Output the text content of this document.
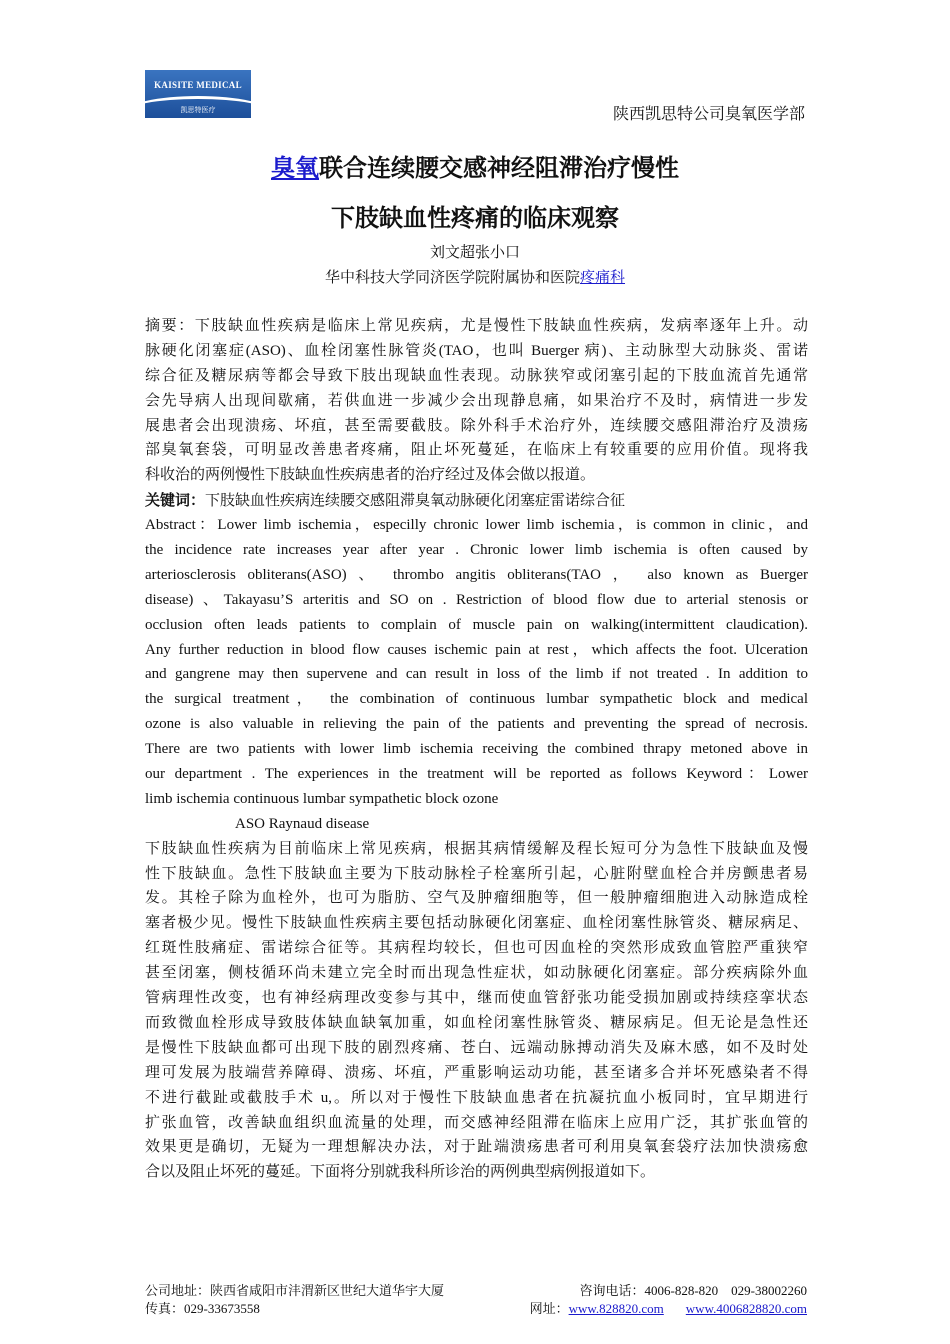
KAISITE MEDICAL
凯思特医疗	陕西凯思特公司臭氧医学部
臭氧联合连续腰交感神经阻滞治疗慢性
下肢缺血性疼痛的临床观察
刘文超张小口
华中科技大学同济医学院附属协和医院疼痛科
摘要：下肢缺血性疾病是临床上常见疾病，尤是慢性下肢缺血性疾病，发病率逐年上升。动
脉硬化闭塞症(ASO)、血栓闭塞性脉管炎(TAO，也叫 Buerger 病)、主动脉型大动脉炎、雷诺
综合征及糖尿病等都会导致下肢出现缺血性表现。动脉狭窄或闭塞引起的下肢血流首先通常
会先导病人出现间歇痛，若供血进一步减少会出现静息痛，如果治疗不及时，病情进一步发
展患者会出现溃疡、坏疽，甚至需要截肢。除外科手术治疗外，连续腰交感阻滞治疗及溃疡
部臭氧套袋，可明显改善患者疼痛，阻止坏死蔓延，在临床上有较重要的应用价值。现将我
科收治的两例慢性下肢缺血性疾病患者的治疗经过及体会做以报道。
关键词：下肢缺血性疾病连续腰交感阻滞臭氧动脉硬化闭塞症雷诺综合征
Abstract：Lower limb ischemia，especilly chronic lower limb ischemia，is common in clinic，and
the incidence rate increases year after year . Chronic lower limb ischemia is often caused by
arteriosclerosis obliterans(ASO) 、 thrombo angitis obliterans(TAO ， also known as Buerger
disease) 、Takayasu’S arteritis and SO on . Restriction of blood flow due to arterial stenosis or
occlusion often leads patients to complain of muscle pain on walking(intermittent claudication).
Any further reduction in blood flow causes ischemic pain at rest，which affects the foot. Ulceration
and gangrene may then supervene and can result in loss of the limb if not treated . In addition to
the surgical treatment， the combination of continuous lumbar sympathetic block and medical
ozone is also valuable in relieving the pain of the patients and preventing the spread of necrosis.
There are two patients with lower limb ischemia receiving the combined thrapy metoned above in
our department . The experiences in the treatment will be reported as follows Keyword：Lower
limb ischemia continuous lumbar sympathetic block ozone
ASO Raynaud disease
下肢缺血性疾病为目前临床上常见疾病，根据其病情缓解及程长短可分为急性下肢缺血及慢
性下肢缺血。急性下肢缺血主要为下肢动脉栓子栓塞所引起，心脏附壁血栓合并房颤患者易
发。其栓子除为血栓外，也可为脂肪、空气及肿瘤细胞等，但一般肿瘤细胞进入动脉造成栓
塞者极少见。慢性下肢缺血性疾病主要包括动脉硬化闭塞症、血栓闭塞性脉管炎、糖尿病足、
红斑性肢痛症、雷诺综合征等。其病程均较长，但也可因血栓的突然形成致血管腔严重狭窄
甚至闭塞，侧枝循环尚未建立完全时而出现急性症状，如动脉硬化闭塞症。部分疾病除外血
管病理性改变，也有神经病理改变参与其中，继而使血管舒张功能受损加剧或持续痉挛状态
而致微血栓形成导致肢体缺血缺氧加重，如血栓闭塞性脉管炎、糖尿病足。但无论是急性还
是慢性下肢缺血都可出现下肢的剧烈疼痛、苍白、远端动脉搏动消失及麻木感，如不及时处
理可发展为肢端营养障碍、溃疡、坏疽，严重影响运动功能，甚至诸多合并坏死感染者不得
不进行截趾或截肢手术 u,。所以对于慢性下肢缺血患者在抗凝抗血小板同时，宜早期进行
扩张血管，改善缺血组织血流量的处理，而交感神经阻滞在临床上应用广泛，其扩张血管的
效果更是确切，无疑为一理想解决办法，对于趾端溃疡患者可利用臭氧套袋疗法加快溃疡愈
合以及阻止坏死的蔓延。下面将分别就我科所诊治的两例典型病例报道如下。
公司地址：陕西省咸阳市沣渭新区世纪大道华宇大厦	咨询电话：4006-828-820　029-38002260
传真：029-33673558	网址：www.828820.com www.4006828820.com
